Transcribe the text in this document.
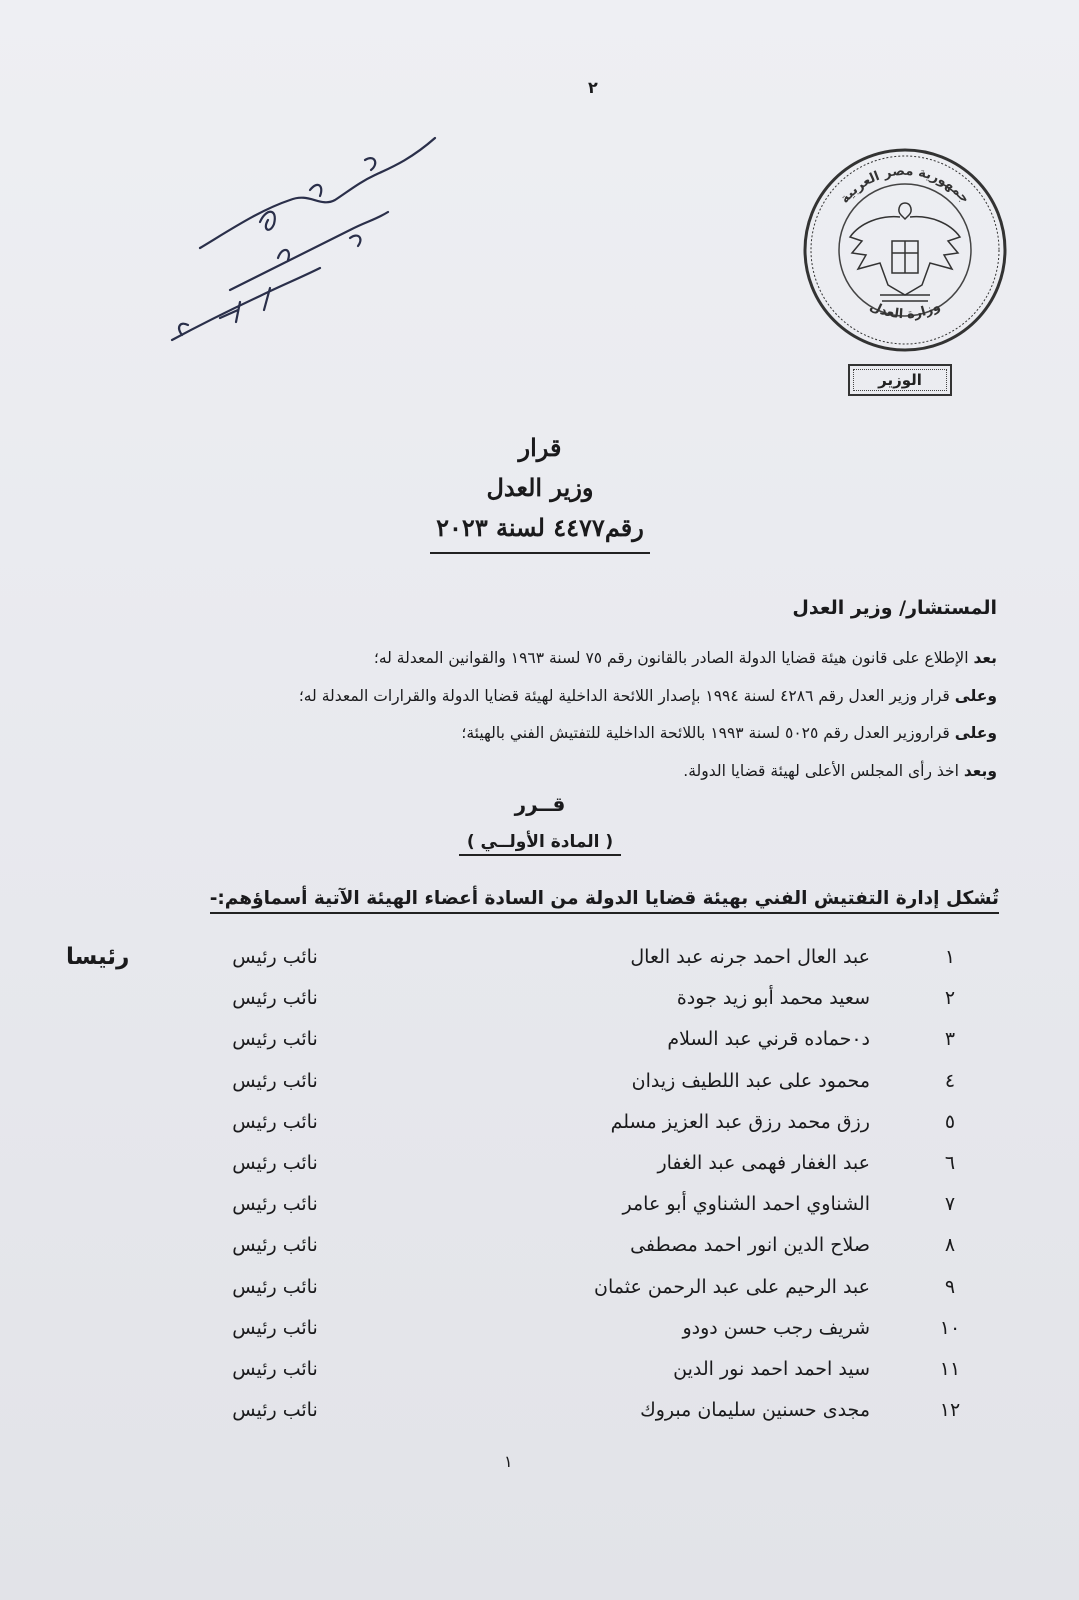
٢
جمهورية مصر العربية
وزارة العدل
الوزير
قرار
وزير العدل
رقم٤٤٧٧ لسنة ٢٠٢٣
المستشار/ وزير العدل
بعد الإطلاع على قانون هيئة قضايا الدولة الصادر بالقانون رقم ٧٥ لسنة ١٩٦٣ والقوانين المعدلة له؛
وعلى قرار وزير العدل رقم ٤٢٨٦ لسنة ١٩٩٤ بإصدار اللائحة الداخلية لهيئة قضايا الدولة والقرارات المعدلة له؛
وعلى قراروزير العدل رقم ٥٠٢٥ لسنة ١٩٩٣ باللائحة الداخلية للتفتيش الفني بالهيئة؛
وبعد اخذ رأى المجلس الأعلى لهيئة قضايا الدولة.
قــرر
( المادة الأولــي )
تُشكل إدارة التفتيش الفني بهيئة قضايا الدولة من السادة أعضاء الهيئة الآتية أسماؤهم:-
رئيسا	١
عبد العال احمد جرنه عبد العال
نائب رئيس
٢
سعيد محمد أبو زيد جودة
نائب رئيس
٣
د٠حماده قرني عبد السلام
نائب رئيس
٤
محمود على عبد اللطيف زيدان
نائب رئيس
٥
رزق محمد رزق عبد العزيز مسلم
نائب رئيس
٦
عبد الغفار فهمى عبد الغفار
نائب رئيس
٧
الشناوي احمد الشناوي أبو عامر
نائب رئيس
٨
صلاح الدين انور احمد مصطفى
نائب رئيس
٩
عبد الرحيم على عبد الرحمن عثمان
نائب رئيس
١٠
شريف رجب حسن دودو
نائب رئيس
١١
سيد احمد احمد نور الدين
نائب رئيس
١٢
مجدى حسنين سليمان مبروك
نائب رئيس
١
